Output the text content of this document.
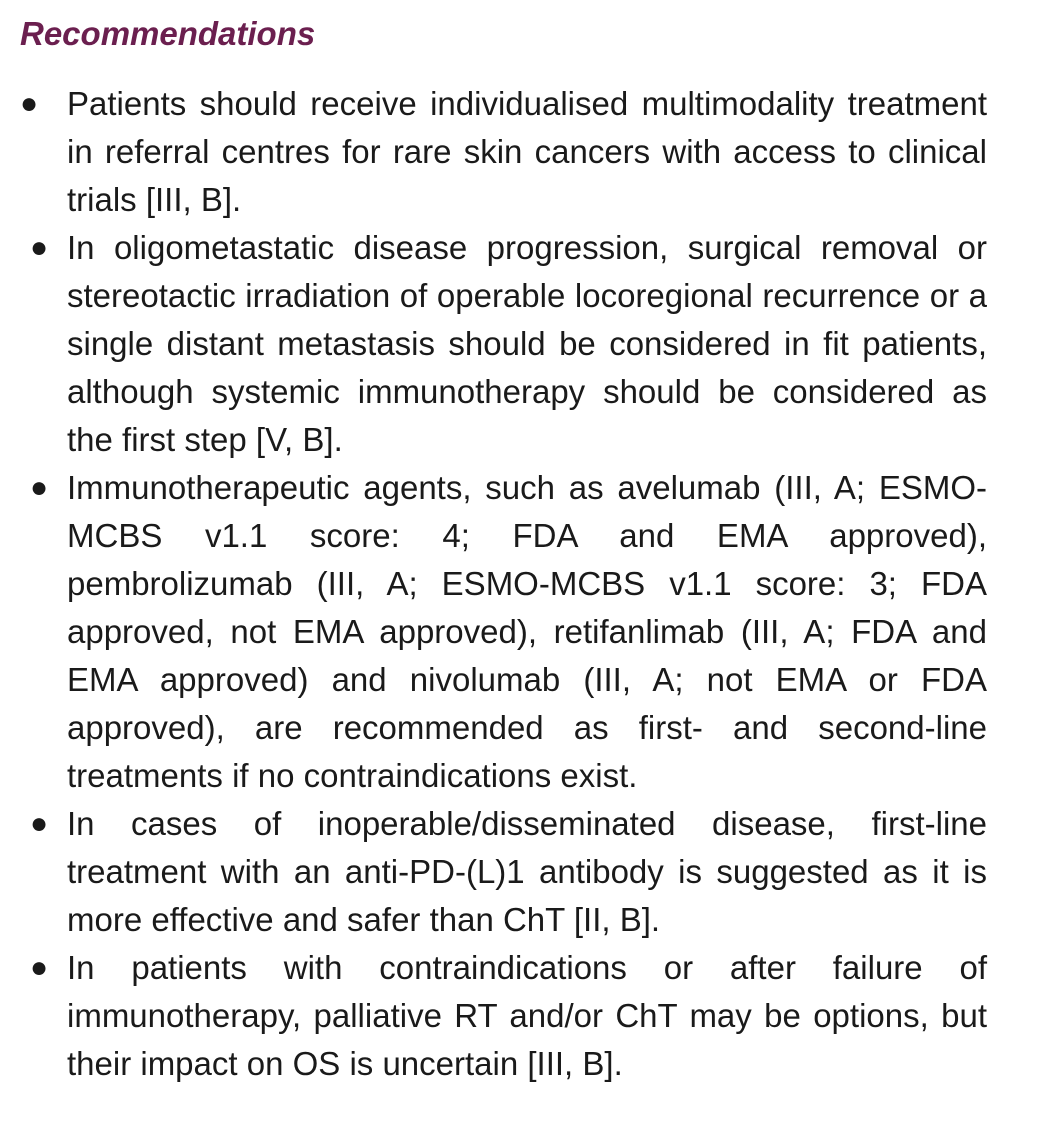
Recommendations
● Patients should receive individualised multimodality treatment in referral centres for rare skin cancers with access to clinical trials [III, B].
● In oligometastatic disease progression, surgical removal or stereotactic irradiation of operable locoregional recurrence or a single distant metastasis should be considered in fit patients, although systemic immunotherapy should be considered as the first step [V, B].
● Immunotherapeutic agents, such as avelumab (III, A; ESMO-MCBS v1.1 score: 4; FDA and EMA approved), pembrolizumab (III, A; ESMO-MCBS v1.1 score: 3; FDA approved, not EMA approved), retifanlimab (III, A; FDA and EMA approved) and nivolumab (III, A; not EMA or FDA approved), are recommended as first- and second-line treatments if no contraindications exist.
● In cases of inoperable/disseminated disease, first-line treatment with an anti-PD-(L)1 antibody is suggested as it is more effective and safer than ChT [II, B].
● In patients with contraindications or after failure of immunotherapy, palliative RT and/or ChT may be options, but their impact on OS is uncertain [III, B].
